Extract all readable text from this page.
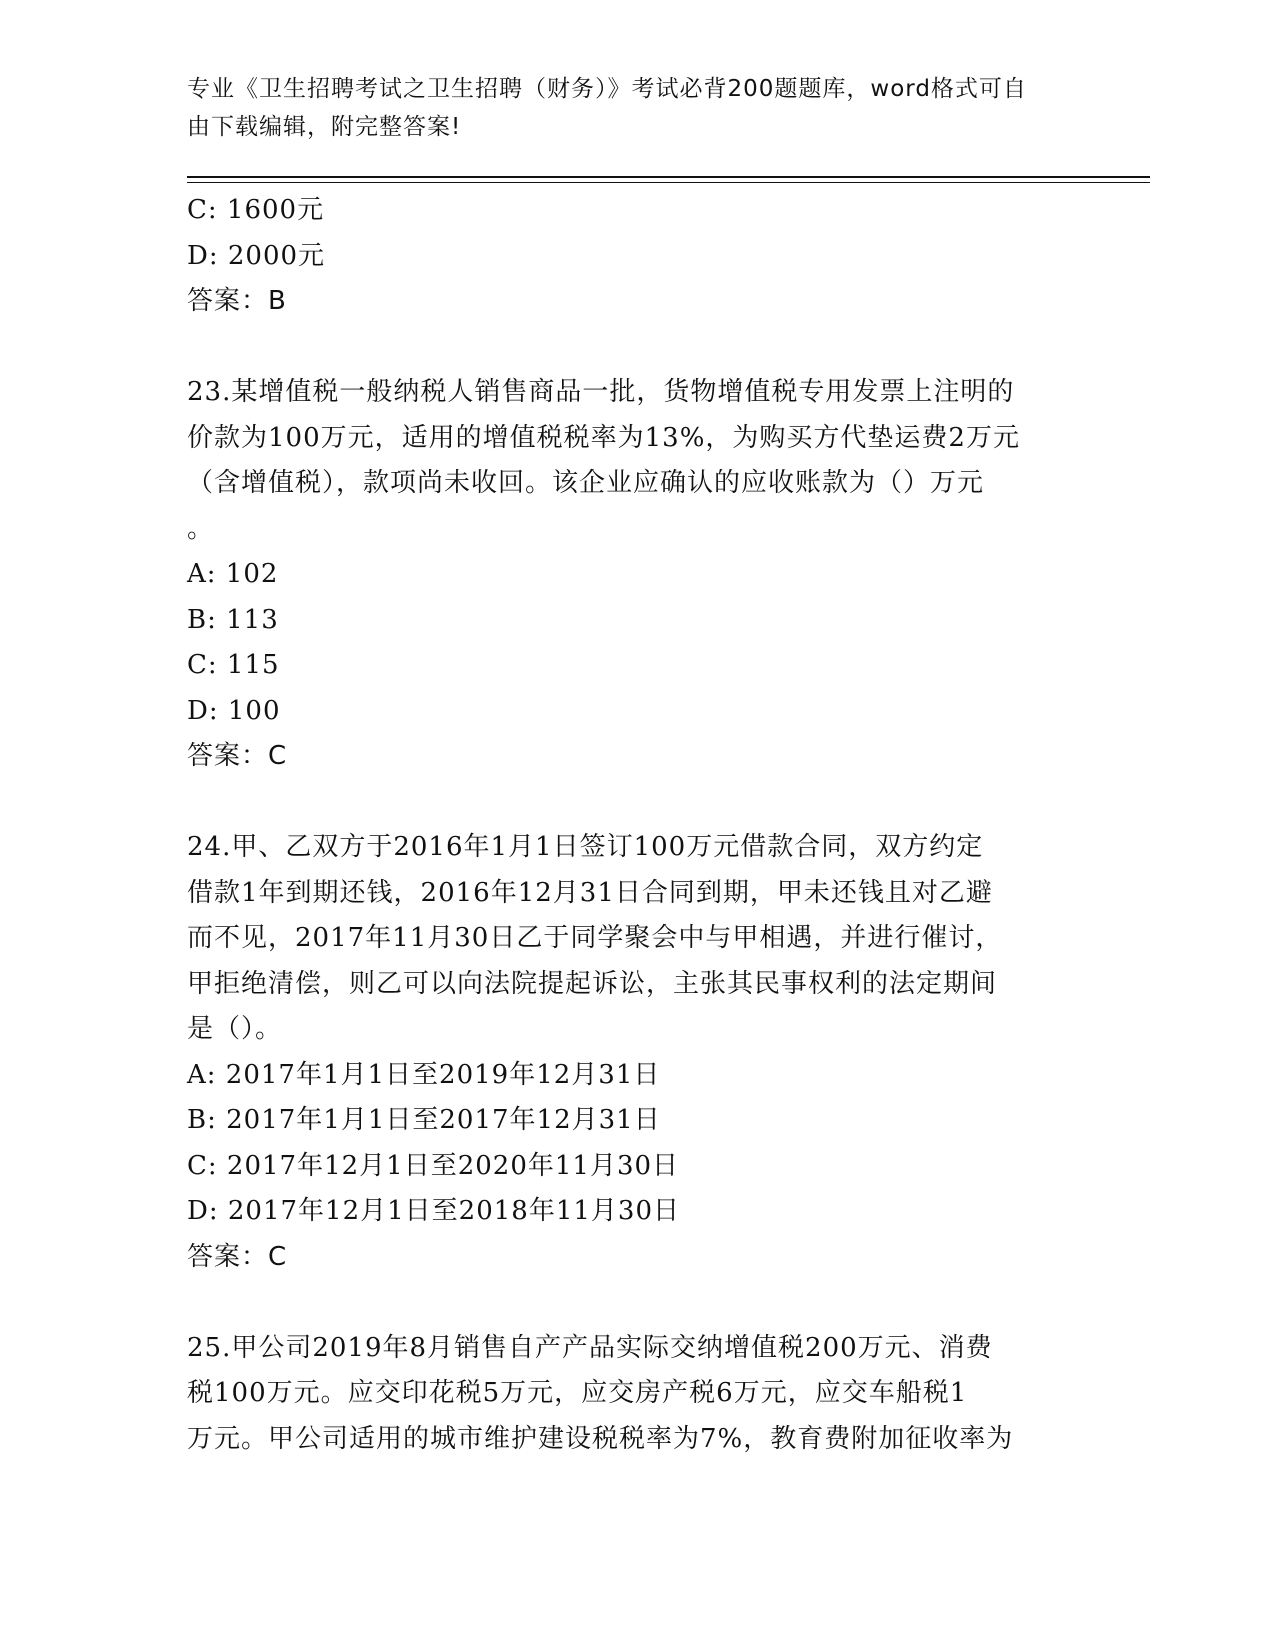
专业《卫生招聘考试之卫生招聘（财务）》考试必背200题题库，word格式可自
由下载编辑，附完整答案!
C: 1600元
D: 2000元
答案：B
23.某增值税一般纳税人销售商品一批，货物增值税专用发票上注明的
价款为100万元，适用的增值税税率为13%，为购买方代垫运费2万元
（含增值税），款项尚未收回。该企业应确认的应收账款为（）万元
。
A: 102
B: 113
C: 115
D: 100
答案：C
24.甲、乙双方于2016年1月1日签订100万元借款合同，双方约定
借款1年到期还钱，2016年12月31日合同到期，甲未还钱且对乙避
而不见，2017年11月30日乙于同学聚会中与甲相遇，并进行催讨，
甲拒绝清偿，则乙可以向法院提起诉讼，主张其民事权利的法定期间
是（）。
A: 2017年1月1日至2019年12月31日
B: 2017年1月1日至2017年12月31日
C: 2017年12月1日至2020年11月30日
D: 2017年12月1日至2018年11月30日
答案：C
25.甲公司2019年8月销售自产产品实际交纳增值税200万元、消费
税100万元。应交印花税5万元，应交房产税6万元，应交车船税1
万元。甲公司适用的城市维护建设税税率为7%，教育费附加征收率为
